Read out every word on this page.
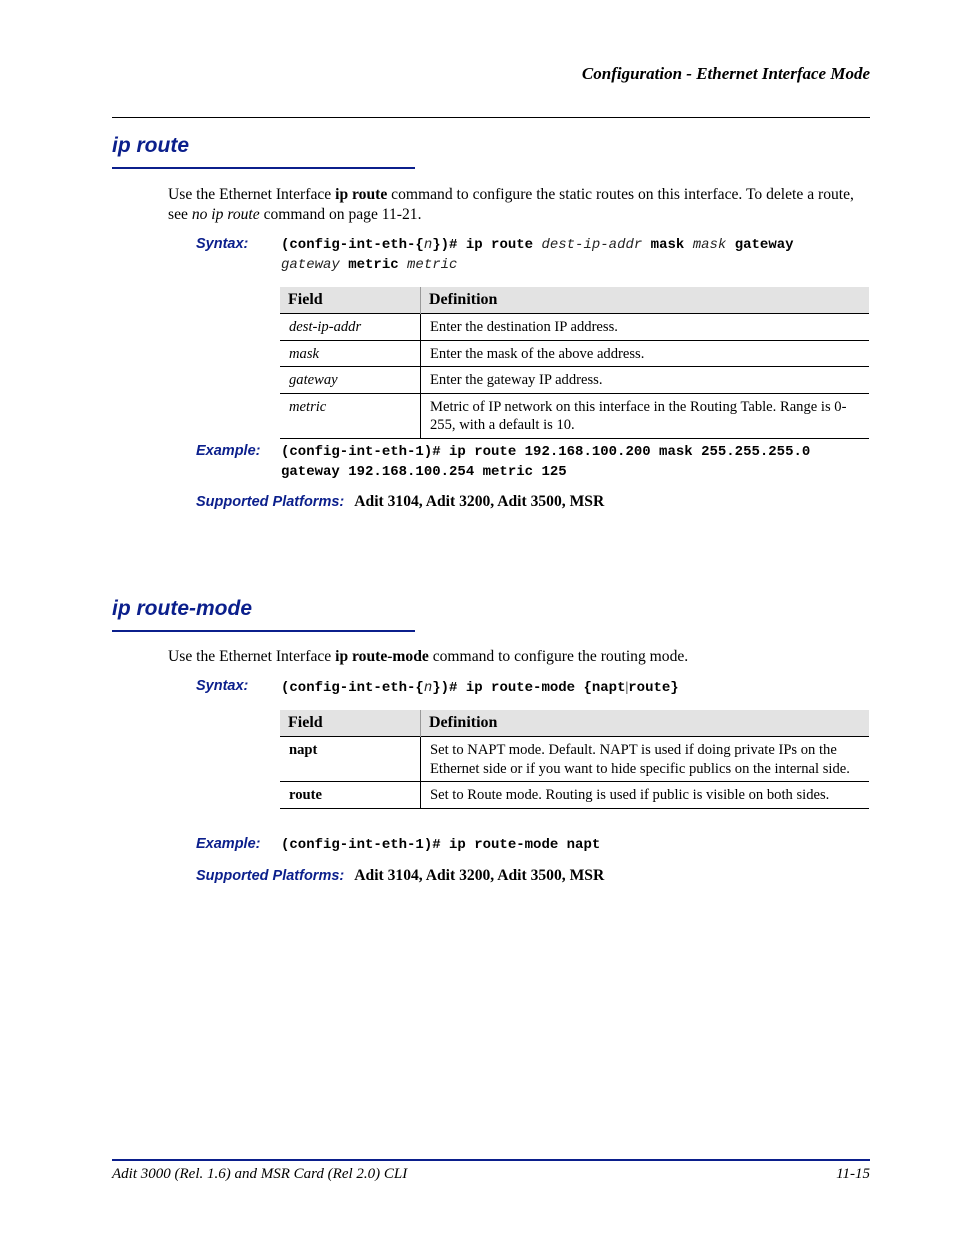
Configuration - Ethernet Interface Mode
ip route
Use the Ethernet Interface ip route command to configure the static routes on this interface. To delete a route, see no ip route command on page 11-21.
Syntax: (config-int-eth-{n})# ip route dest-ip-addr mask mask gateway
gateway metric metric
Field	Definition
dest-ip-addr	Enter the destination IP address.
mask	Enter the mask of the above address.
gateway	Enter the gateway IP address.
metric	Metric of IP network on this interface in the Routing Table. Range is 0-255, with a default is 10.
Example: (config-int-eth-1)# ip route 192.168.100.200 mask 255.255.255.0
gateway 192.168.100.254 metric 125
Supported Platforms: Adit 3104, Adit 3200, Adit 3500, MSR
ip route-mode
Use the Ethernet Interface ip route-mode command to configure the routing mode.
Syntax: (config-int-eth-{n})# ip route-mode {napt|route}
Field	Definition
napt	Set to NAPT mode. Default. NAPT is used if doing private IPs on the Ethernet side or if you want to hide specific publics on the internal side.
route	Set to Route mode. Routing is used if public is visible on both sides.
Example: (config-int-eth-1)# ip route-mode napt
Supported Platforms: Adit 3104, Adit 3200, Adit 3500, MSR
Adit 3000 (Rel. 1.6) and MSR Card (Rel 2.0) CLI	11-15
